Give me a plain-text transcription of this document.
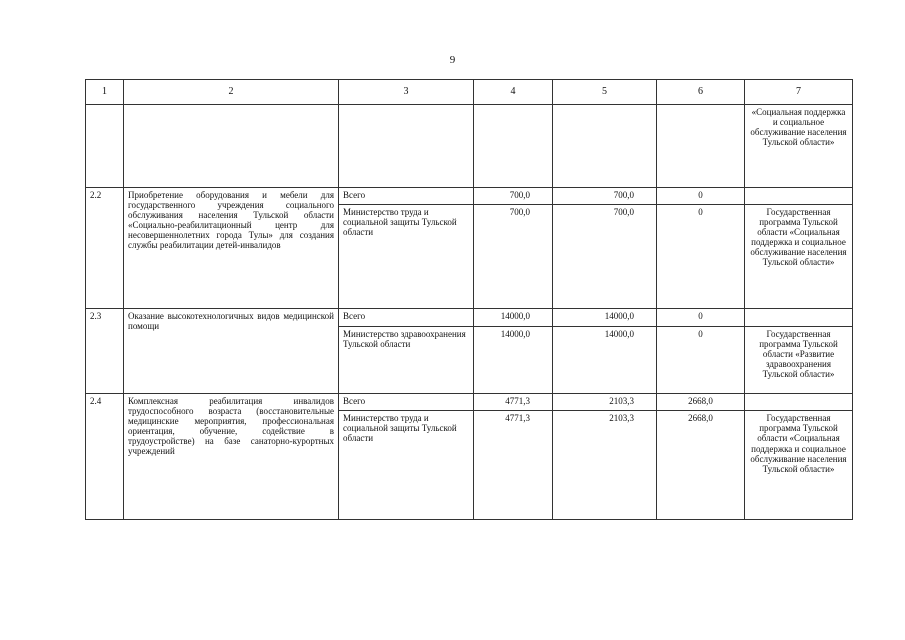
9
1	2	3	4	5	6	7
						«Социальная поддержка и социальное обслуживание населения Тульской области»
2.2	Приобретение оборудования и мебели для государственного учреждения социального обслуживания населения Тульской области «Социально-реабилитационный центр для несовершеннолетних города Тулы» для создания службы реабилитации детей-инвалидов	Всего	700,0	700,0	0	
		Министерство труда и социальной защиты Тульской области	700,0	700,0	0	Государственная программа Тульской области «Социальная поддержка и социальное обслуживание населения Тульской области»
2.3	Оказание высокотехнологичных видов медицинской помощи	Всего	14000,0	14000,0	0	
		Министерство здравоохранения Тульской области	14000,0	14000,0	0	Государственная программа Тульской области «Развитие здравоохранения Тульской области»
2.4	Комплексная реабилитация инвалидов трудоспособного возраста (восстановительные медицинские мероприятия, профессиональная ориентация, обучение, содействие в трудоустройстве) на базе санаторно-курортных учреждений	Всего	4771,3	2103,3	2668,0	
		Министерство труда и социальной защиты Тульской области	4771,3	2103,3	2668,0	Государственная программа Тульской области «Социальная поддержка и социальное обслуживание населения Тульской области»
